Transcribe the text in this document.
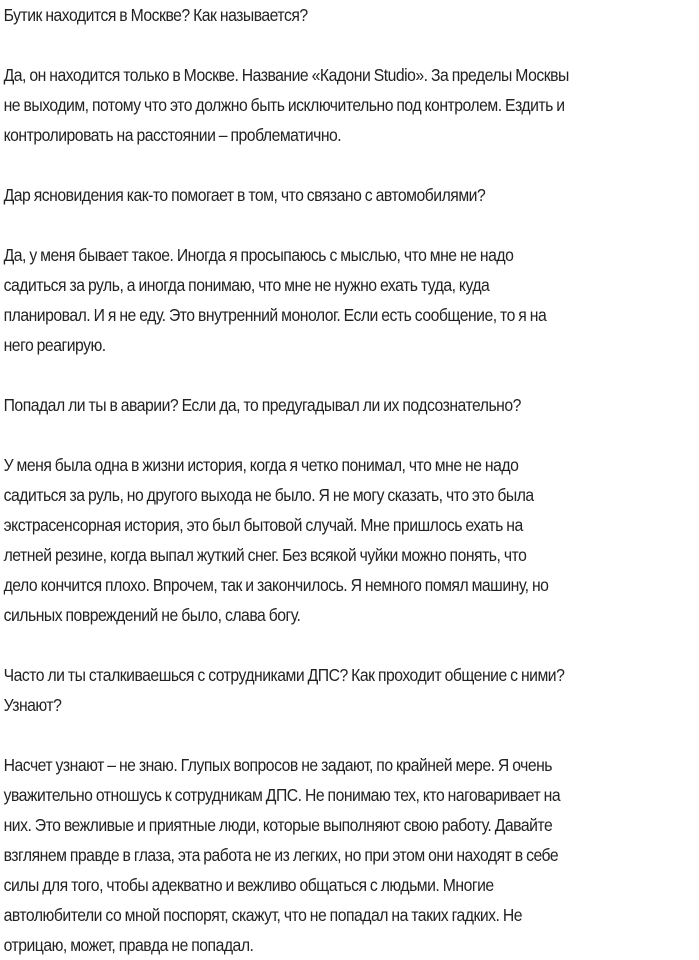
Бутик находится в Москве? Как называется?

Да, он находится только в Москве. Название «Кадони Studio». За пределы Москвы
не выходим, потому что это должно быть исключительно под контролем. Ездить и
контролировать на расстоянии – проблематично.

Дар ясновидения как-то помогает в том, что связано с автомобилями?

Да, у меня бывает такое. Иногда я просыпаюсь с мыслью, что мне не надо
садиться за руль, а иногда понимаю, что мне не нужно ехать туда, куда
планировал. И я не еду. Это внутренний монолог. Если есть сообщение, то я на
него реагирую.

Попадал ли ты в аварии? Если да, то предугадывал ли их подсознательно?

У меня была одна в жизни история, когда я четко понимал, что мне не надо
садиться за руль, но другого выхода не было. Я не могу сказать, что это была
экстрасенсорная история, это был бытовой случай. Мне пришлось ехать на
летней резине, когда выпал жуткий снег. Без всякой чуйки можно понять, что
дело кончится плохо. Впрочем, так и закончилось. Я немного помял машину, но
сильных повреждений не было, слава богу.

Часто ли ты сталкиваешься с сотрудниками ДПС? Как проходит общение с ними?
Узнают?

Насчет узнают – не знаю. Глупых вопросов не задают, по крайней мере. Я очень
уважительно отношусь к сотрудникам ДПС. Не понимаю тех, кто наговаривает на
них. Это вежливые и приятные люди, которые выполняют свою работу. Давайте
взглянем правде в глаза, эта работа не из легких, но при этом они находят в себе
силы для того, чтобы адекватно и вежливо общаться с людьми. Многие
автолюбители со мной поспорят, скажут, что не попадал на таких гадких. Не
отрицаю, может, правда не попадал.
